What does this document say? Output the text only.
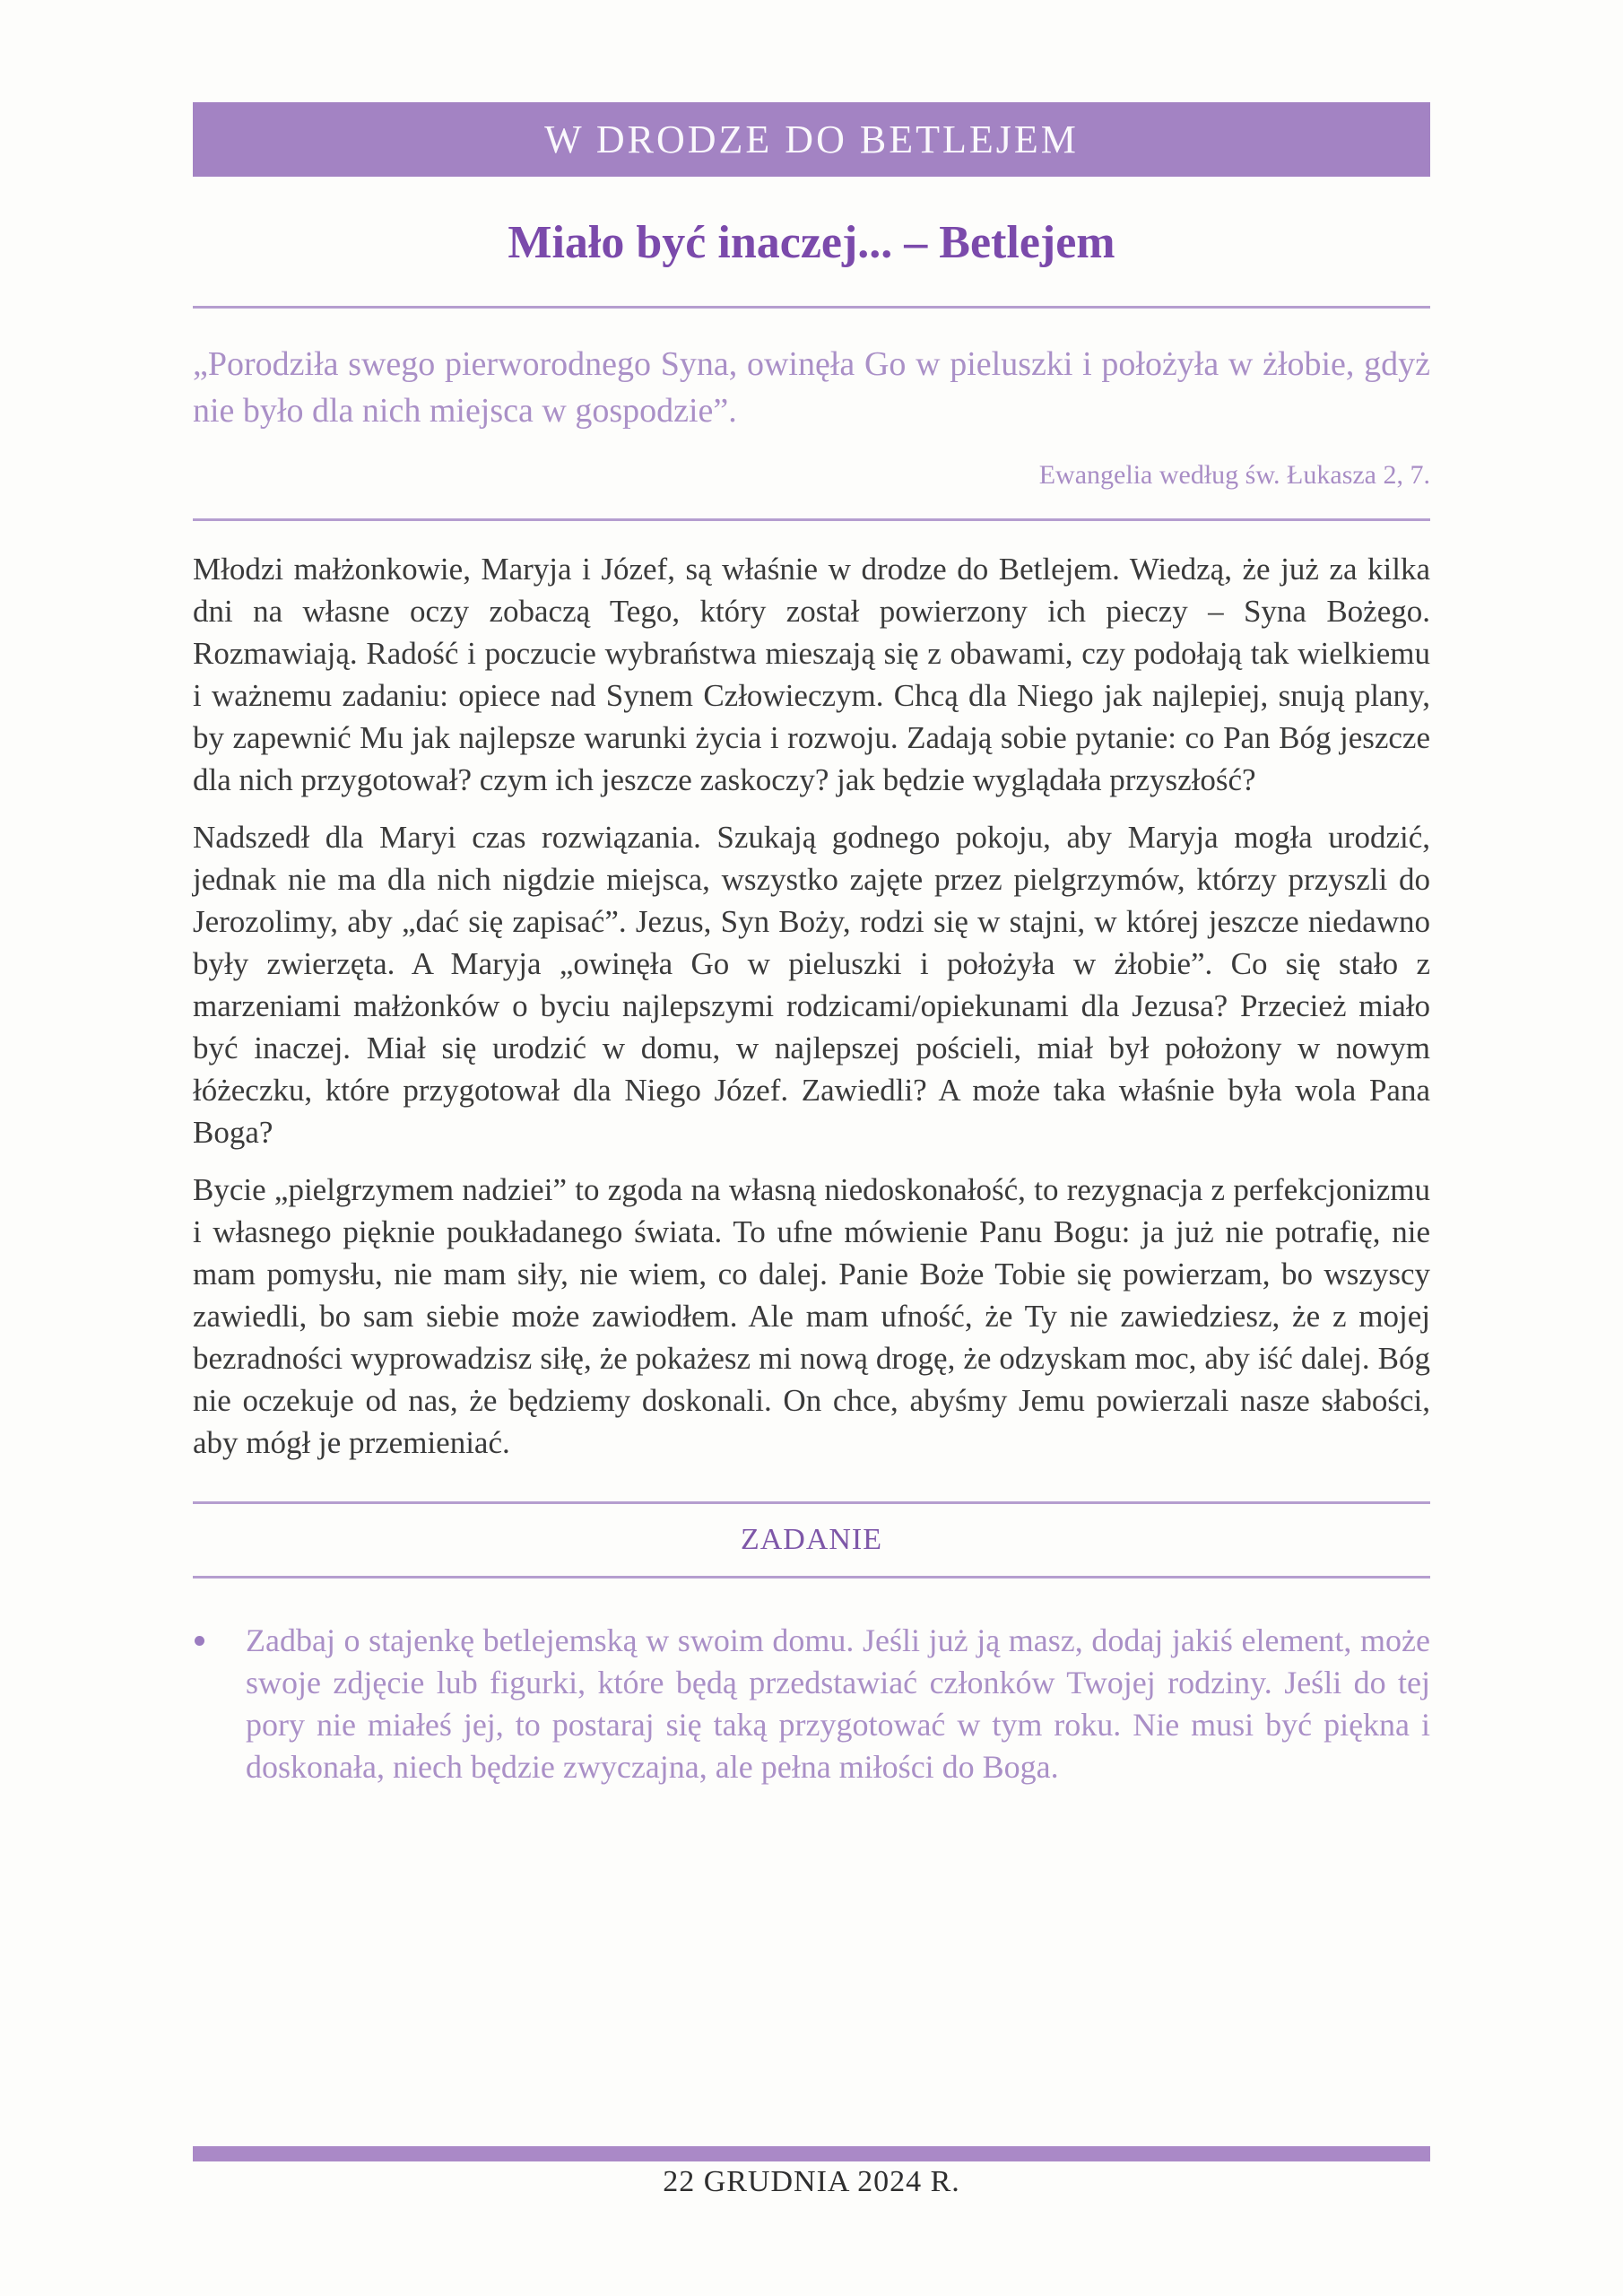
W DRODZE DO BETLEJEM
Miało być inaczej... – Betlejem

„Porodziła swego pierworodnego Syna, owinęła Go w pieluszki i położyła w żłobie, gdyż nie było dla nich miejsca w gospodzie”.

Ewangelia według św. Łukasza 2, 7.

Młodzi małżonkowie, Maryja i Józef, są właśnie w drodze do Betlejem. Wiedzą, że już za kilka dni na własne oczy zobaczą Tego, który został powierzony ich pieczy – Syna Bożego. Rozmawiają. Radość i poczucie wybraństwa mieszają się z obawami, czy podołają tak wielkiemu i ważnemu zadaniu: opiece nad Synem Człowieczym. Chcą dla Niego jak najlepiej, snują plany, by zapewnić Mu jak najlepsze warunki życia i rozwoju. Zadają sobie pytanie: co Pan Bóg jeszcze dla nich przygotował? czym ich jeszcze zaskoczy? jak będzie wyglądała przyszłość?

Nadszedł dla Maryi czas rozwiązania. Szukają godnego pokoju, aby Maryja mogła urodzić, jednak nie ma dla nich nigdzie miejsca, wszystko zajęte przez pielgrzymów, którzy przyszli do Jerozolimy, aby „dać się zapisać”. Jezus, Syn Boży, rodzi się w stajni, w której jeszcze niedawno były zwierzęta. A Maryja „owinęła Go w pieluszki i położyła w żłobie”. Co się stało z marzeniami małżonków o byciu najlepszymi rodzicami/opiekunami dla Jezusa? Przecież miało być inaczej. Miał się urodzić w domu, w najlepszej pościeli, miał był położony w nowym łóżeczku, które przygotował dla Niego Józef. Zawiedli? A może taka właśnie była wola Pana Boga?

Bycie „pielgrzymem nadziei” to zgoda na własną niedoskonałość, to rezygnacja z perfekcjonizmu i własnego pięknie poukładanego świata. To ufne mówienie Panu Bogu: ja już nie potrafię, nie mam pomysłu, nie mam siły, nie wiem, co dalej. Panie Boże Tobie się powierzam, bo wszyscy zawiedli, bo sam siebie może zawiodłem. Ale mam ufność, że Ty nie zawiedziesz, że z mojej bezradności wyprowadzisz siłę, że pokażesz mi nową drogę, że odzyskam moc, aby iść dalej. Bóg nie oczekuje od nas, że będziemy doskonali. On chce, abyśmy Jemu powierzali nasze słabości, aby mógł je przemieniać.

ZADANIE
Zadbaj o stajenkę betlejemską w swoim domu. Jeśli już ją masz, dodaj jakiś element, może swoje zdjęcie lub figurki, które będą przedstawiać członków Twojej rodziny. Jeśli do tej pory nie miałeś jej, to postaraj się taką przygotować w tym roku. Nie musi być piękna i doskonała, niech będzie zwyczajna, ale pełna miłości do Boga.
22 GRUDNIA 2024 R.
